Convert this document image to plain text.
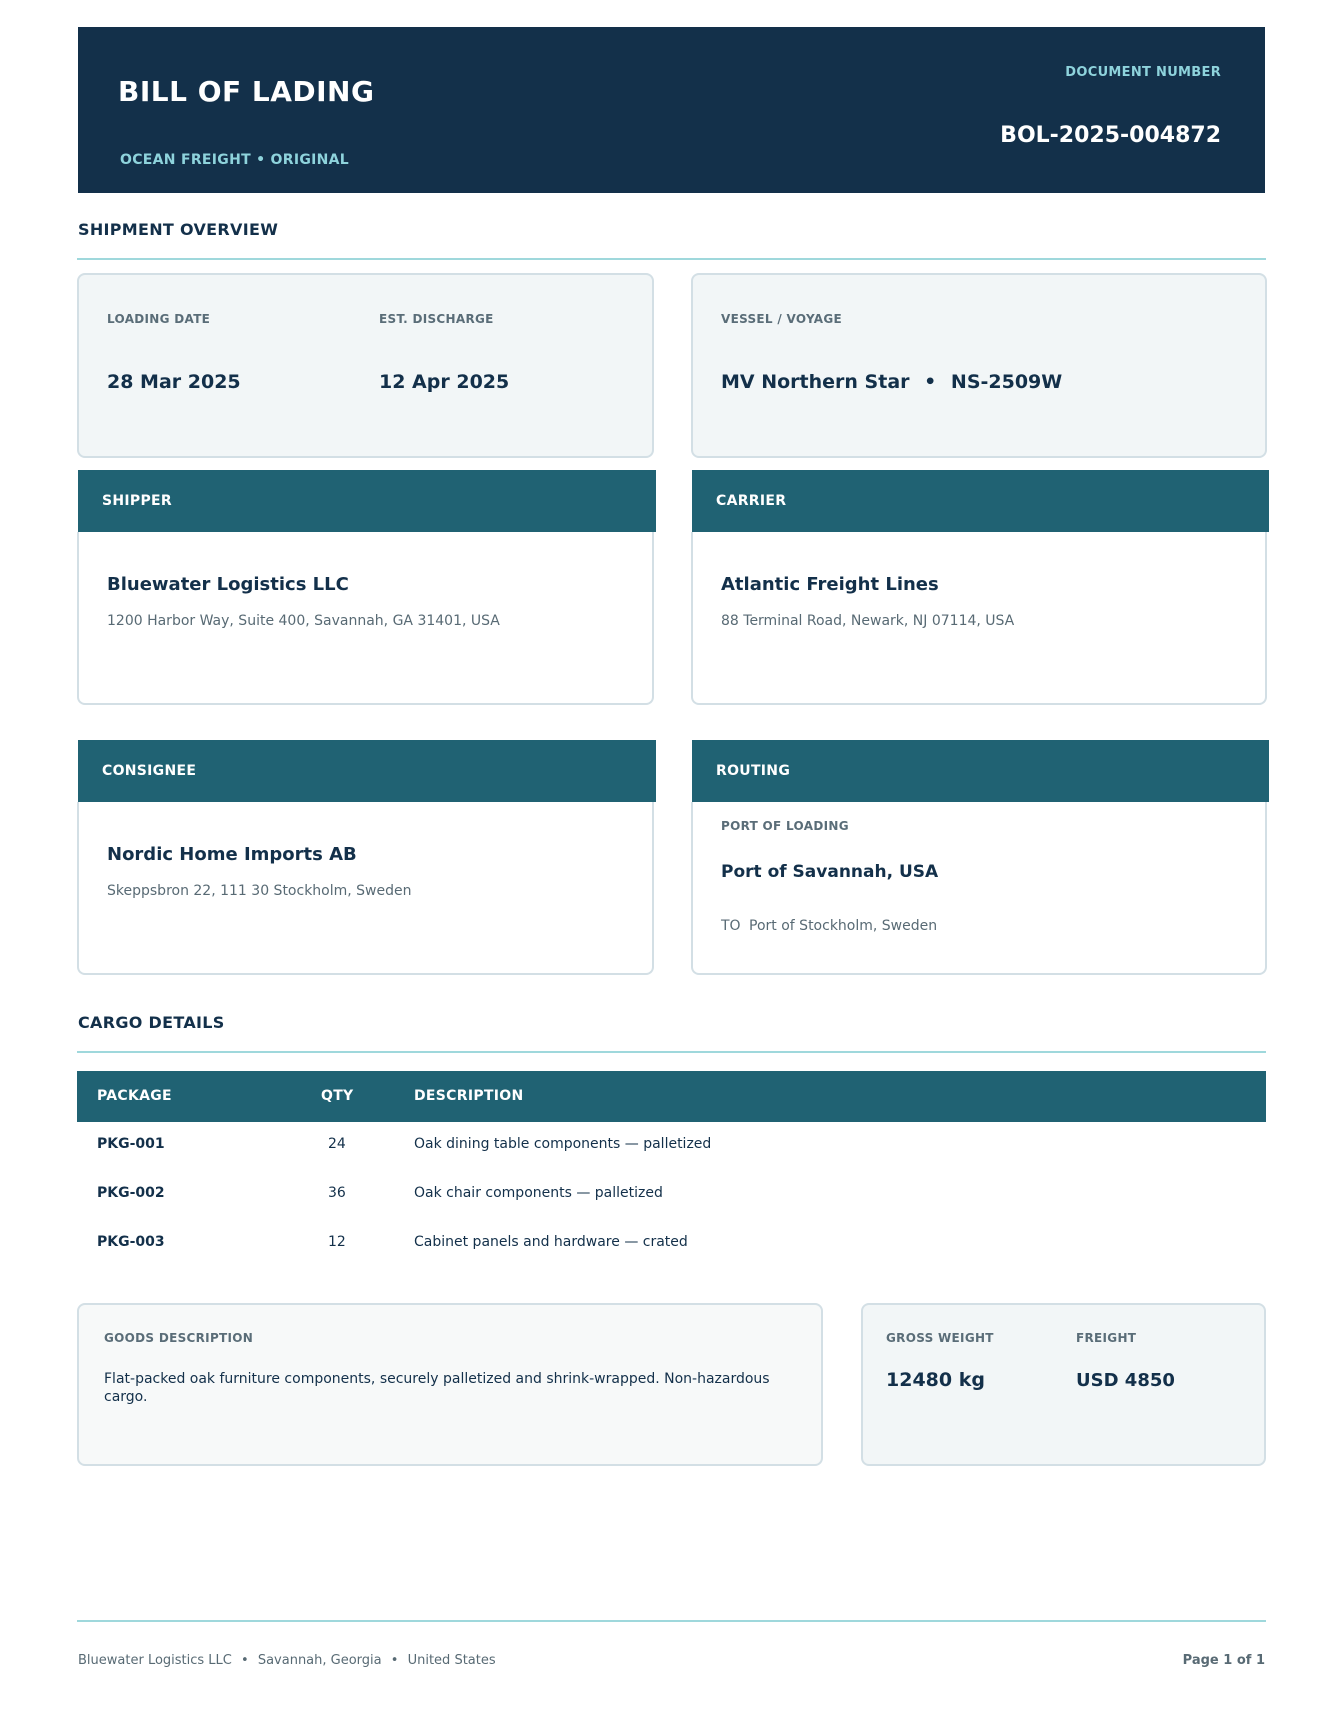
BILL OF LADING
OCEAN FREIGHT • ORIGINAL
DOCUMENT NUMBER
BOL-2025-004872
SHIPMENT OVERVIEW
LOADING DATE
28 Mar 2025
EST. DISCHARGE
12 Apr 2025
VESSEL / VOYAGE
MV Northern Star • NS-2509W
SHIPPER
Bluewater Logistics LLC
1200 Harbor Way, Suite 400, Savannah, GA 31401, USA
CARRIER
Atlantic Freight Lines
88 Terminal Road, Newark, NJ 07114, USA
CONSIGNEE
Nordic Home Imports AB
Skeppsbron 22, 111 30 Stockholm, Sweden
ROUTING
PORT OF LOADING
Port of Savannah, USA
TO Port of Stockholm, Sweden
CARGO DETAILS
PACKAGE	QTY	DESCRIPTION
PKG-001	24	Oak dining table components — palletized
PKG-002	36	Oak chair components — palletized
PKG-003	12	Cabinet panels and hardware — crated
GOODS DESCRIPTION
Flat-packed oak furniture components, securely palletized and shrink-wrapped. Non-hazardous cargo.
GROSS WEIGHT
12480 kg
FREIGHT
USD 4850
Bluewater Logistics LLC • Savannah, Georgia • United States	Page 1 of 1
